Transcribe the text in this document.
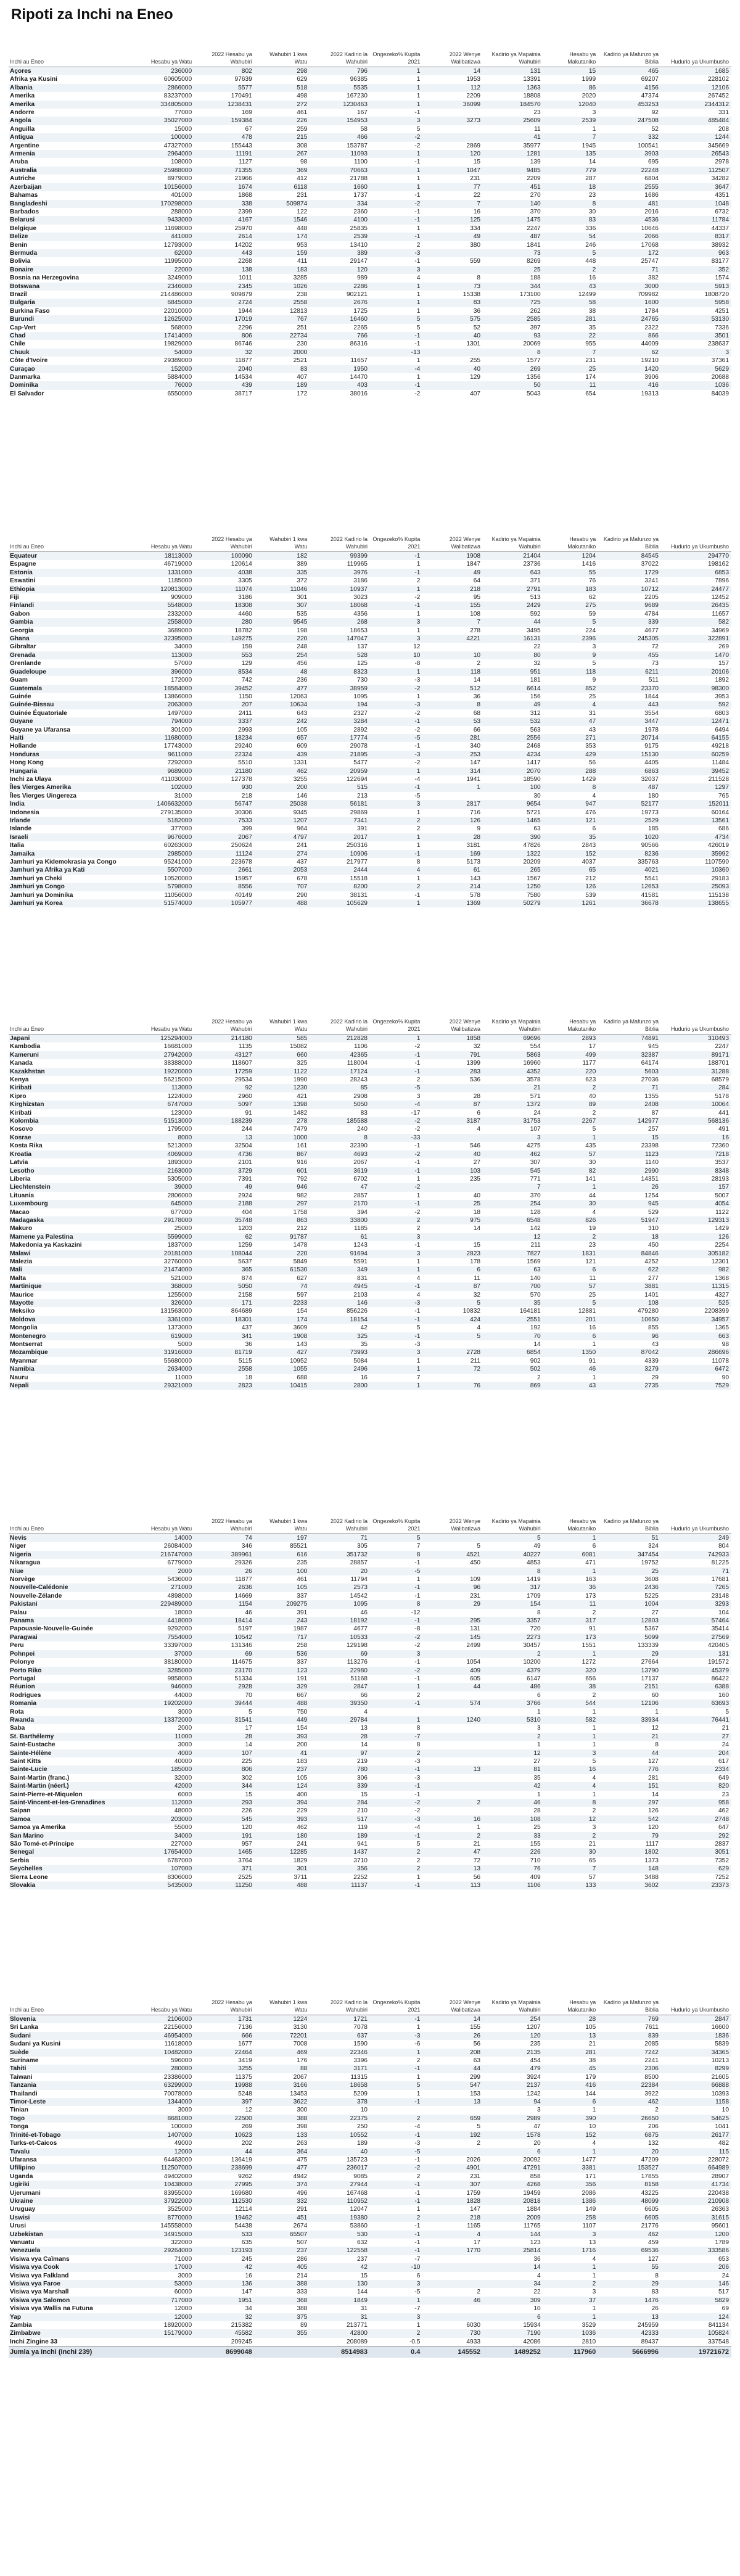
Ripoti za Inchi na Eneo
Inchi au Eneo	Hesabu ya Watu	2022 Hesabu ya Wahubiri	Wahubiri 1 kwa Watu	2022 Kadirio la Wahubiri	Ongezeko% Kupita 2021	2022 Wenye Walibatizwa	Kadirio ya Mapainia Wahubiri	Hesabu ya Makutaniko	Kadirio ya Mafunzo ya Biblia	Hudurio ya Ukumbusho
Açores	236000	802	298	796	1	14	131	15	465	1685
Afrika ya Kusini	60605000	97639	629	96385	1	1953	13391	1999	69207	228102
Albania	2866000	5577	518	5535	1	112	1363	86	4156	12106
Amerika	83237000	170491	498	167230	1	2209	18808	2020	47374	267452
Amerika	334805000	1238431	272	1230463	1	36099	184570	12040	453253	2344312
Andorre	77000	169	461	167	-1		23	3	92	331
Angola	35027000	159384	226	154953	3	3273	25609	2539	247508	485484
Anguilla	15000	67	259	58	5		11	1	52	208
Antigua	100000	478	215	466	-2		41	7	332	1244
Argentine	47327000	155443	308	153787	-2	2869	35977	1945	100541	345669
Armenia	2964000	11191	267	11093	1	120	1281	135	3903	26543
Aruba	108000	1127	98	1100	-1	15	139	14	695	2978
Australia	25988000	71355	369	70663	1	1047	9485	779	22248	112507
Autriche	8979000	21966	412	21788	1	231	2209	287	6804	34282
Azerbaijan	10156000	1674	6118	1660	1	77	451	18	2555	3647
Bahamas	401000	1868	231	1737	-1	22	270	23	1686	4351
Bangladeshi	170298000	338	509874	334	-2	7	140	8	481	1048
Barbados	288000	2399	122	2360	-1	16	370	30	2016	6732
Belarusi	9433000	4167	1546	4100	-1	125	1475	83	4536	11784
Belgique	11698000	25970	448	25835	1	334	2247	336	10646	44337
Belize	441000	2614	174	2539	-1	49	487	54	2066	8317
Benin	12793000	14202	953	13410	2	380	1841	246	17068	38932
Bermuda	62000	443	159	389	-3		73	5	172	963
Bolivia	11995000	2268	411	29147	-1	559	8269	448	25747	83177
Bonaire	22000	138	183	120	3		25	2	71	352
Bosnia na Herzegovina	3249000	1011	3285	989	4	8	188	16	382	1574
Botswana	2346000	2345	1026	2286	1	73	344	43	3000	5913
Brazil	214486000	909879	238	902121	1	15338	173100	12499	709982	1808720
Bulgaria	6845000	2724	2558	2676	1	83	725	58	1600	5958
Burkina Faso	22010000	1944	12813	1725	1	36	262	38	1784	4251
Burundi	12625000	17019	767	16460	5	575	2585	281	24765	53130
Cap-Vert	568000	2296	251	2265	5	52	397	35	2322	7336
Chad	17414000	806	22734	766	-1	40	93	22	866	3501
Chile	19829000	86746	230	86316	-1	1301	20069	955	44009	238637
Chuuk	54000	32	2000		-13		8	7	62	3
Côte d'Ivoire	29389000	11877	2521	11657	1	255	1577	231	19210	37361
Curaçao	152000	2040	83	1950	-4	40	269	25	1420	5629
Danmarka	5884000	14534	407	14470	1	129	1356	174	3906	20688
Dominika	76000	439	189	403	-1		50	11	416	1036
El Salvador	6550000	38717	172	38016	-2	407	5043	654	19313	84039
Inchi au Eneo	Hesabu ya Watu	2022 Hesabu ya Wahubiri	Wahubiri 1 kwa Watu	2022 Kadirio la Wahubiri	Ongezeko% Kupita 2021	2022 Wenye Walibatizwa	Kadirio ya Mapainia Wahubiri	Hesabu ya Makutaniko	Kadirio ya Mafunzo ya Biblia	Hudurio ya Ukumbusho
Equateur	18113000	100090	182	99399	-1	1908	21404	1204	84545	294770
Espagne	46719000	120614	389	119965	1	1847	23736	1416	37022	198162
Estonia	1331000	4038	335	3976	-1	49	643	55	1729	6853
Eswatini	1185000	3305	372	3186	2	64	371	76	3241	7896
Ethiopia	120813000	11074	11046	10937	1	218	2791	183	10712	24477
Fiji	909000	3186	301	3023	-2	95	513	62	2205	12452
Finlandi	5548000	18308	307	18068	-1	155	2429	275	9689	26435
Gabon	2332000	4460	535	4356	1	108	592	59	4784	11657
Gambia	2558000	280	9545	268	3	7	44	5	339	582
Georgia	3689000	18782	198	18653	1	278	3495	224	4677	34969
Ghana	32395000	149275	220	147047	3	4221	16131	2396	245305	322891
Gibraltar	34000	159	248	137	12		22	3	72	269
Grenada	113000	553	254	528	10	10	80	9	455	1470
Grenlande	57000	129	456	125	-8	2	32	5	73	157
Guadeloupe	396000	8534	48	8323	1	118	951	118	6211	20106
Guam	172000	742	236	730	-3	14	181	9	511	1892
Guatemala	18584000	39452	477	38959	-2	512	6614	852	23370	98300
Guinée	13866000	1150	12063	1095	1	36	156	25	1844	3953
Guinée-Bissau	2063000	207	10634	194	-3	8	49	4	443	592
Guinée Équatoriale	1497000	2411	643	2327	-2	68	312	31	3554	6803
Guyane	794000	3337	242	3284	-1	53	532	47	3447	12471
Guyane ya Ufaransa	301000	2993	105	2892	-2	66	563	43	1978	6494
Haiti	11680000	18234	657	17774	-5	281	2556	271	20714	64155
Hollande	17743000	29240	609	29078	-1	340	2468	353	9175	49218
Honduras	9611000	22324	439	21895	-3	253	4234	429	15130	60259
Hong Kong	7292000	5510	1331	5477	-2	147	1417	56	4405	11484
Hungaria	9689000	21180	462	20959	1	314	2070	288	6863	39452
Inchi za Ulaya	411030000	127378	3255	122694	-4	1941	18590	1429	32037	211528
Îles Vierges Amerika	102000	930	200	515	-1	1	100	8	487	1297
Îles Vierges Uingereza	31000	218	146	213	-5		30	4	180	765
India	1406632000	56747	25038	56181	3	2817	9654	947	52177	152011
Indonesia	279135000	30306	9345	29869	1	716	5721	476	19773	60164
Irlande	5182000	7533	1207	7341	2	126	1465	121	2529	13561
Islande	377000	399	964	391	2	9	63	6	185	686
Israeli	9676000	2067	4797	2017	1	28	390	35	1020	4734
Italia	60263000	250624	241	250316	1	3181	47826	2843	90566	426019
Jamaika	2985000	11124	274	10906	-1	169	1322	152	8236	35992
Jamhuri ya Kidemokrasia ya Congo	95241000	223678	437	217977	8	5173	20209	4037	335763	1107590
Jamhuri ya Afrika ya Kati	5507000	2661	2053	2444	4	61	265	65	4021	10360
Jamhuri ya Cheki	10520000	15957	678	15518	1	143	1567	212	5541	29183
Jamhuri ya Congo	5798000	8556	707	8200	2	214	1250	126	12653	25093
Jamhuri ya Dominika	11056000	40149	290	38131	-1	578	7580	539	41581	115138
Jamhuri ya Korea	51574000	105977	488	105629	1	1369	50279	1261	36678	138655
Inchi au Eneo	Hesabu ya Watu	2022 Hesabu ya Wahubiri	Wahubiri 1 kwa Watu	2022 Kadirio la Wahubiri	Ongezeko% Kupita 2021	2022 Wenye Walibatizwa	Kadirio ya Mapainia Wahubiri	Hesabu ya Makutaniko	Kadirio ya Mafunzo ya Biblia	Hudurio ya Ukumbusho
Japani	125294000	214180	585	212828	1	1858	69696	2893	74891	310493
Kambodia	16681000	1135	15082	1106	-2	32	554	17	945	2247
Kameruni	27942000	43127	660	42365	-1	791	5863	499	32387	89171
Kanada	38388000	118607	325	118004	-1	1399	16960	1177	64174	188701
Kazakhstan	19220000	17259	1122	17124	-1	283	4352	220	5603	31288
Kenya	56215000	29534	1990	28243	2	536	3578	623	27036	68579
Kiribati	113000	92	1230	85	-5		21	2	71	284
Kipro	1224000	2960	421	2908	3	28	571	40	1355	5178
Kirghizstan	6747000	5097	1398	5050	-4	87	1372	89	2408	10064
Kiribati	123000	91	1482	83	-17	6	24	2	87	441
Kolombia	51513000	188239	278	185588	-2	3187	31753	2267	142977	568136
Kosovo	1795000	244	7479	240	-2	4	107	5	257	491
Kosrae	8000	13	1000	8	-33		3	1	15	16
Kosta Rika	5213000	32504	161	32390	-1	546	4275	435	23398	72360
Kroatia	4069000	4736	867	4693	-2	40	462	57	1123	7218
Latvia	1893000	2101	916	2067	-1	27	307	30	1140	3537
Lesotho	2163000	3729	601	3619	-1	103	545	82	2990	8348
Liberia	5305000	7391	792	6702	1	235	771	141	14351	28193
Liechtenstein	39000	49	946	47	-2		7	1	26	157
Lituania	2806000	2924	982	2857	1	40	370	44	1254	5007
Luxembourg	645000	2188	297	2170	-1	25	254	30	945	4054
Macao	677000	404	1758	394	-2	18	128	4	529	1122
Madagaska	29178000	35748	863	33800	2	975	6548	826	51947	129313
Makuro	25000	1203	212	1185	2	14	142	19	310	1429
Mamene ya Palestina	5599000	62	91787	61	3		12	2	18	126
Makedonia ya Kaskazini	1837000	1259	1478	1243	-1	15	211	23	450	2254
Malawi	20181000	108044	220	91694	3	2823	7827	1831	84846	305182
Malezia	32760000	5637	5849	5591	1	178	1569	121	4252	12301
Mali	21474000	365	61530	349	1	6	63	6	622	982
Malta	521000	874	627	831	4	11	140	11	277	1368
Martinique	368000	5050	74	4945	-1	87	700	57	3881	11315
Maurice	1255000	2158	597	2103	4	32	570	25	1401	4327
Mayotte	326000	171	2233	146	-3	5	35	5	108	525
Meksiko	131563000	864689	154	856226	-1	10832	164181	12881	479280	2208399
Moldova	3361000	18301	174	18154	-1	424	2551	201	10650	34957
Mongolia	1373000	437	3609	42	5	4	192	16	855	1365
Montenegro	619000	341	1908	325	-1	5	70	6	96	663
Montserrat	5000	36	143	35	-3		14	1	43	98
Mozambique	31916000	81719	427	73993	3	2728	6854	1350	87042	286696
Myanmar	55680000	5115	10952	5084	1	211	902	91	4339	11078
Namibia	2634000	2558	1055	2496	1	72	502	46	3279	6472
Nauru	11000	18	688	16	7		2	1	29	90
Nepali	29321000	2823	10415	2800	1	76	869	43	2735	7529
Inchi au Eneo	Hesabu ya Watu	2022 Hesabu ya Wahubiri	Wahubiri 1 kwa Watu	2022 Kadirio la Wahubiri	Ongezeko% Kupita 2021	2022 Wenye Walibatizwa	Kadirio ya Mapainia Wahubiri	Hesabu ya Makutaniko	Kadirio ya Mafunzo ya Biblia	Hudurio ya Ukumbusho
Nevis	14000	74	197	71	5		5	1	51	249
Niger	26084000	346	85521	305	7	5	49	6	324	804
Nigeria	216747000	389961	616	351732	8	4521	40227	6081	347454	742933
Nikaragua	6779000	29326	235	28857	-1	450	4853	471	19752	81225
Niue	2000	26	100	20	-5		8	1	25	71
Norvège	5436000	11877	461	11794	1	109	1419	163	3608	17681
Nouvelle-Calédonie	271000	2636	105	2573	-1	96	317	36	2436	7265
Nouvelle-Zélande	4898000	14669	337	14542	-1	231	1709	173	5225	23148
Pakistani	229489000	1154	209275	1095	8	29	154	11	1004	3293
Palau	18000	46	391	46	-12		8	2	27	104
Panama	4418000	18414	243	18192	-1	295	3357	317	12803	57464
Papouasie-Nouvelle-Guinée	9292000	5197	1987	4677	-8	131	720	91	5367	35414
Paragwai	7554000	10542	717	10533	-2	145	2273	173	5099	27569
Peru	33397000	131346	258	129198	-2	2499	30457	1551	133339	420405
Pohnpei	37000	69	536	69	3		2	1	29	131
Polonye	38180000	114675	337	113276	-1	1054	10200	1272	27664	191572
Porto Riko	3285000	23170	123	22980	-2	409	4379	320	13790	45379
Portugal	9858000	51334	191	51168	-1	605	6147	656	17137	86422
Réunion	946000	2928	329	2847	1	44	486	38	2151	6388
Rodrigues	44000	70	667	66	2		6	2	60	160
Romania	19202000	39444	488	39350	-1	574	3766	544	12106	63693
Rota	3000	5	750	4			1	1	1	5
Rwanda	13372000	31541	449	29784	1	1240	5310	582	33934	76441
Saba	2000	17	154	13	8		3	1	12	21
St. Barthélemy	11000	28	393	28	-7		2	1	21	27
Saint-Eustache	3000	14	200	14	8		1	1	8	24
Sainte-Hélène	4000	107	41	97	2		12	3	44	204
Saint Kitts	40000	225	183	219	-3		27	5	127	617
Sainte-Lucie	185000	806	237	780	-1	13	81	16	776	2334
Saint-Martin (franc.)	32000	302	105	306	-3		35	4	281	649
Saint-Martin (néerl.)	42000	344	124	339	-1		42	4	151	820
Saint-Pierre-et-Miquelon	6000	15	400	15	-1		1	1	14	23
Saint-Vincent-et-les-Grenadines	112000	293	394	284	-2	2	46	8	297	958
Saipan	48000	226	229	210	-2		28	2	126	462
Samoa	203000	545	393	517	-3	16	108	12	542	2748
Samoa ya Amerika	55000	120	462	119	-4	1	25	3	120	647
San Marino	34000	191	180	189	-1	2	33	2	79	292
São Tomé-et-Príncipe	227000	957	241	941	5	21	155	21	1117	2837
Senegal	17654000	1465	12285	1437	2	47	226	30	1802	3051
Serbia	6787000	3764	1829	3710	2	72	710	65	1373	7352
Seychelles	107000	371	301	356	2	13	76	7	148	629
Sierra Leone	8306000	2525	3711	2252	1	56	409	57	3488	7252
Slovakia	5435000	11250	488	11137	-1	113	1106	133	3602	23373
Inchi au Eneo	Hesabu ya Watu	2022 Hesabu ya Wahubiri	Wahubiri 1 kwa Watu	2022 Kadirio la Wahubiri	Ongezeko% Kupita 2021	2022 Wenye Walibatizwa	Kadirio ya Mapainia Wahubiri	Hesabu ya Makutaniko	Kadirio ya Mafunzo ya Biblia	Hudurio ya Ukumbusho
Slovenia	2106000	1731	1224	1721	-1	14	254	28	769	2847
Sri Lanka	22156000	7136	3130	7078	1	155	1207	105	7611	16600
Sudani	46954000	666	72201	637	-3	26	120	13	839	1836
Sudani ya Kusini	11618000	1677	7008	1590	-6	56	235	21	2085	5839
Suède	10482000	22464	469	22346	1	208	2135	281	7242	34365
Suriname	596000	3419	176	3396	2	63	454	38	2241	10213
Tahiti	280000	3255	88	3171	-1	44	479	45	2306	8299
Taiwani	23386000	11375	2067	11315	1	299	3924	179	8500	21605
Tanzania	63299000	19988	3166	18658	5	547	2137	416	22384	66888
Thailandi	70078000	5248	13453	5209	1	153	1242	144	3922	10393
Timor-Leste	1344000	397	3622	378	-1	13	94	6	462	1158
Tinian	3000	12	300	10			3	1	2	10
Togo	8681000	22500	388	22375	2	659	2989	390	26650	54625
Tonga	100000	269	398	250	-4	5	47	10	206	1041
Trinité-et-Tobago	1407000	10623	133	10552	-1	192	1578	152	6875	26177
Turks-et-Caicos	49000	202	263	189	-3	2	20	4	132	482
Tuvalu	12000	44	364	40	-5		6	1	20	115
Ufaransa	64463000	136419	475	135723	-1	2026	20092	1477	47209	228072
Ufilipino	112507000	238699	477	236017	-2	4901	47291	3381	153527	664989
Uganda	49402000	9262	4942	9085	2	231	858	171	17855	28907
Ugiriki	10438000	27995	374	27944	-1	307	4268	356	8158	41734
Ujerumani	83955000	169680	496	167468	-1	1759	19459	2086	43225	220438
Ukraine	37922000	112530	332	110952	-1	1828	20818	1386	48099	210908
Uruguay	3525000	12114	291	12047	1	147	1884	149	6605	26363
Uswisi	8770000	19462	451	19380	2	218	2009	258	6605	31615
Urusi	145558000	54438	2674	53860	-1	1165	11765	1107	21776	95601
Uzbekistan	34915000	533	65507	530	-1	4	144	3	462	1200
Vanuatu	322000	635	507	632	-1	17	123	13	459	1789
Venezuela	29264000	123193	237	122558	-1	1770	25814	1716	69536	333586
Visiwa vya Caïmans	71000	245	286	237	-7		36	4	127	653
Visiwa vya Cook	17000	42	405	42	-10		14	1	55	206
Visiwa vya Falkland	3000	16	214	15	6		4	1	8	24
Visiwa vya Faroe	53000	136	388	130	3		34	2	29	146
Visiwa vya Marshall	60000	147	333	144	-5	2	22	3	83	517
Visiwa vya Salomon	717000	1951	368	1849	1	46	309	37	1476	5829
Visiwa vya Wallis na Futuna	12000	34	388	31	-7		10	1	26	69
Yap	12000	32	375	31	3		6	1	13	124
Zambia	18920000	215382	89	213771	1	6030	15934	3529	245959	841134
Zimbabwe	15179000	45582	355	42800	2	730	7190	1036	42333	105824
Inchi Zingine 33		209245		208089	-0.5	4933	42086	2810	89437	337548
Jumla ya Inchi (Inchi 239)		8699048		8514983	0.4	145552	1489252	117960	5666996	19721672
